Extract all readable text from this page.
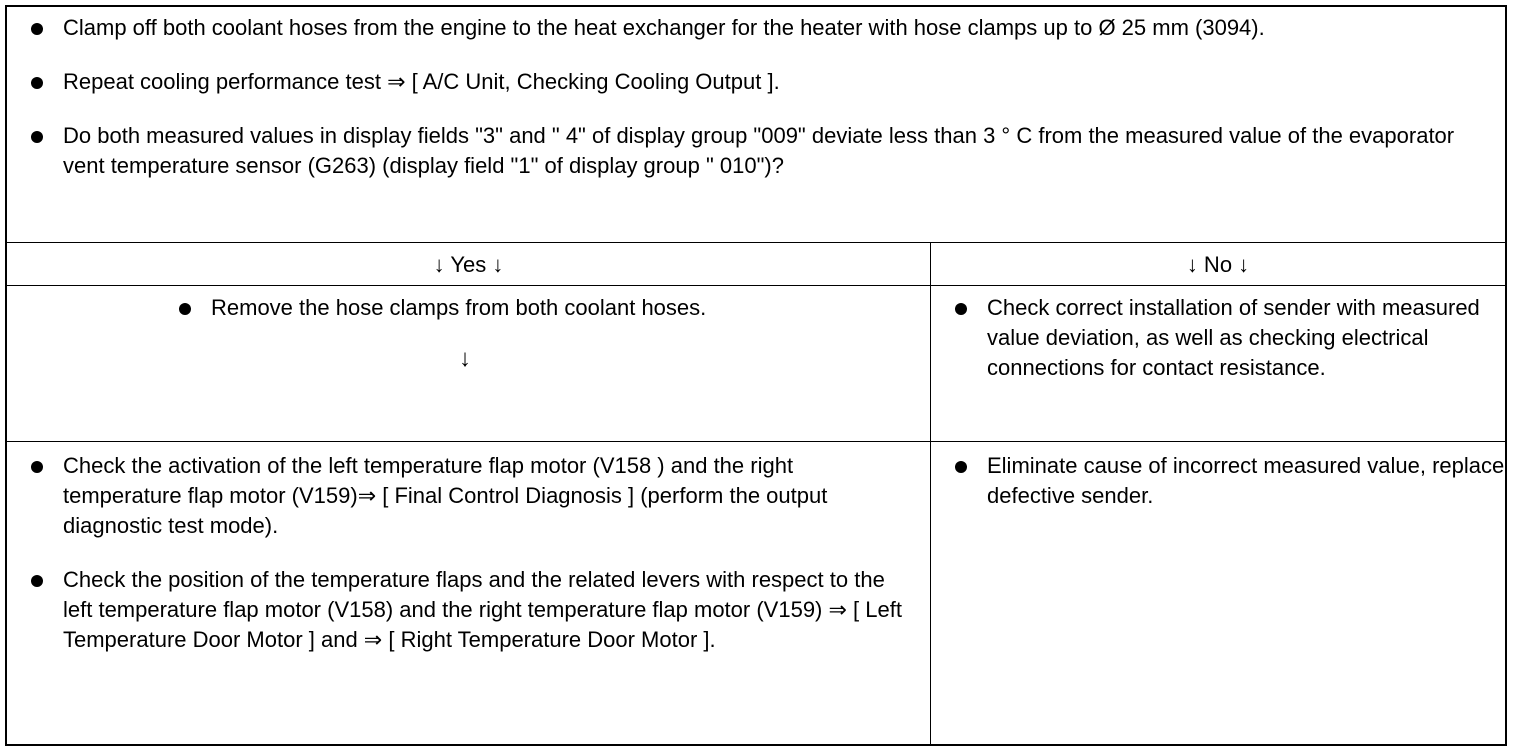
Clamp off both coolant hoses from the engine to the heat exchanger for the heater with hose clamps up to Ø 25 mm (3094).
Repeat cooling performance test ⇒ [ A/C Unit, Checking Cooling Output ].
Do both measured values in display fields "3" and " 4" of display group "009" deviate less than 3 ° C from the measured value of the evaporator vent temperature sensor (G263) (display field "1" of display group " 010")?
↓ Yes ↓	↓ No ↓
Remove the hose clamps from both coolant hoses.
↓
Check correct installation of sender with measured value deviation, as well as checking electrical connections for contact resistance.
Check the activation of the left temperature flap motor (V158 ) and the right temperature flap motor (V159)⇒ [ Final Control Diagnosis ] (perform the output diagnostic test mode).
Check the position of the temperature flaps and the related levers with respect to the left temperature flap motor (V158) and the right temperature flap motor (V159) ⇒ [ Left Temperature Door Motor ] and ⇒ [ Right Temperature Door Motor ].
Eliminate cause of incorrect measured value, replace defective sender.
